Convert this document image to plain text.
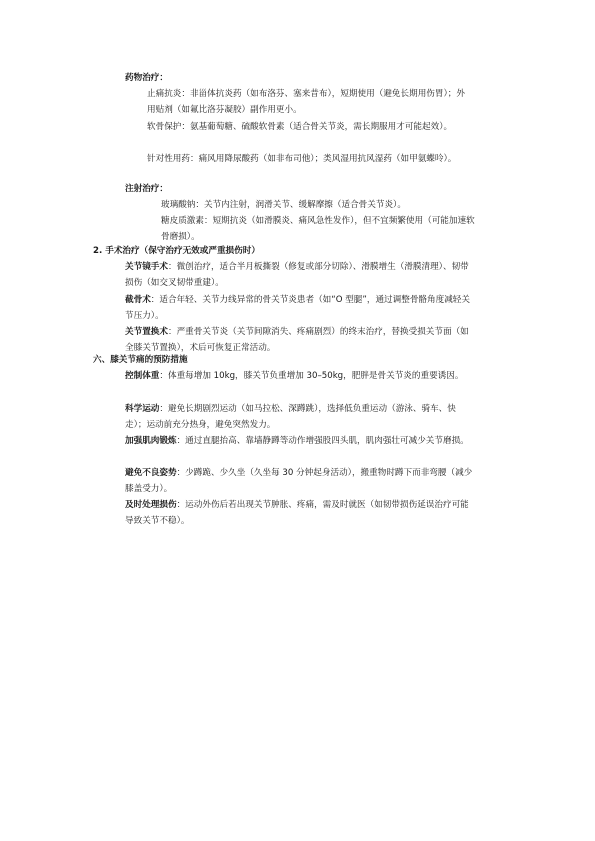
药物治疗：
止痛抗炎：非甾体抗炎药（如布洛芬、塞来昔布），短期使用（避免长期用伤胃）；外用贴剂（如氟比洛芬凝胶）副作用更小。
软骨保护：氨基葡萄糖、硫酸软骨素（适合骨关节炎，需长期服用才可能起效）。
针对性用药：痛风用降尿酸药（如非布司他）；类风湿用抗风湿药（如甲氨蝶呤）。
注射治疗：
玻璃酸钠：关节内注射，润滑关节、缓解摩擦（适合骨关节炎）。
糖皮质激素：短期抗炎（如滑膜炎、痛风急性发作），但不宜频繁使用（可能加速软骨磨损）。
2. 手术治疗（保守治疗无效或严重损伤时）
关节镜手术：微创治疗，适合半月板撕裂（修复或部分切除）、滑膜增生（滑膜清理）、韧带损伤（如交叉韧带重建）。
截骨术：适合年轻、关节力线异常的骨关节炎患者（如“O 型腿”，通过调整骨骼角度减轻关节压力）。
关节置换术：严重骨关节炎（关节间隙消失、疼痛剧烈）的终末治疗，替换受损关节面（如全膝关节置换），术后可恢复正常活动。
六、膝关节痛的预防措施
控制体重：体重每增加 10kg，膝关节负重增加 30–50kg，肥胖是骨关节炎的重要诱因。
科学运动：避免长期剧烈运动（如马拉松、深蹲跳），选择低负重运动（游泳、骑车、快走）；运动前充分热身，避免突然发力。
加强肌肉锻炼：通过直腿抬高、靠墙静蹲等动作增强股四头肌，肌肉强壮可减少关节磨损。
避免不良姿势：少蹲跪、少久坐（久坐每 30 分钟起身活动），搬重物时蹲下而非弯腰（减少膝盖受力）。
及时处理损伤：运动外伤后若出现关节肿胀、疼痛，需及时就医（如韧带损伤延误治疗可能导致关节不稳）。
